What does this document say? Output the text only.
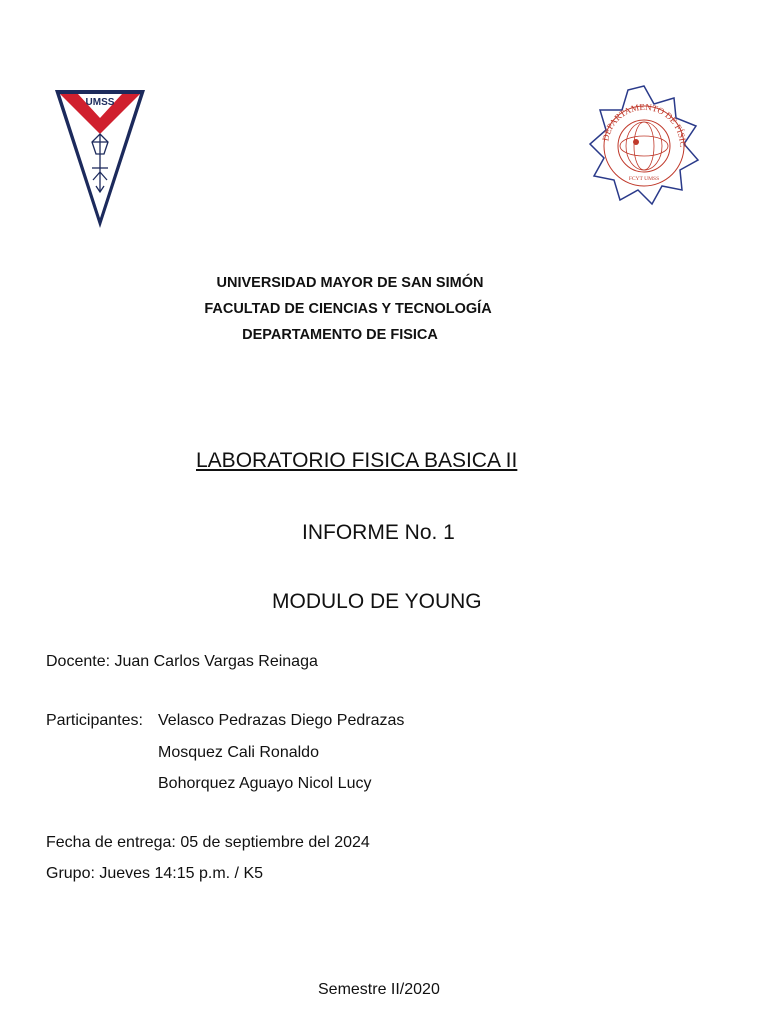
UMSS
DEPARTAMENTO DE FÍSIC
FCYT UMSS
UNIVERSIDAD MAYOR DE SAN SIMÓN
FACULTAD DE CIENCIAS Y TECNOLOGÍA
DEPARTAMENTO DE FISICA
LABORATORIO FISICA BASICA II
INFORME No. 1
MODULO DE YOUNG
Docente: Juan Carlos Vargas Reinaga
Participantes: Velasco Pedrazas Diego Pedrazas
Mosquez Cali Ronaldo
Bohorquez Aguayo Nicol Lucy
Fecha de entrega: 05 de septiembre del 2024
Grupo: Jueves 14:15 p.m. / K5
Semestre II/2020
